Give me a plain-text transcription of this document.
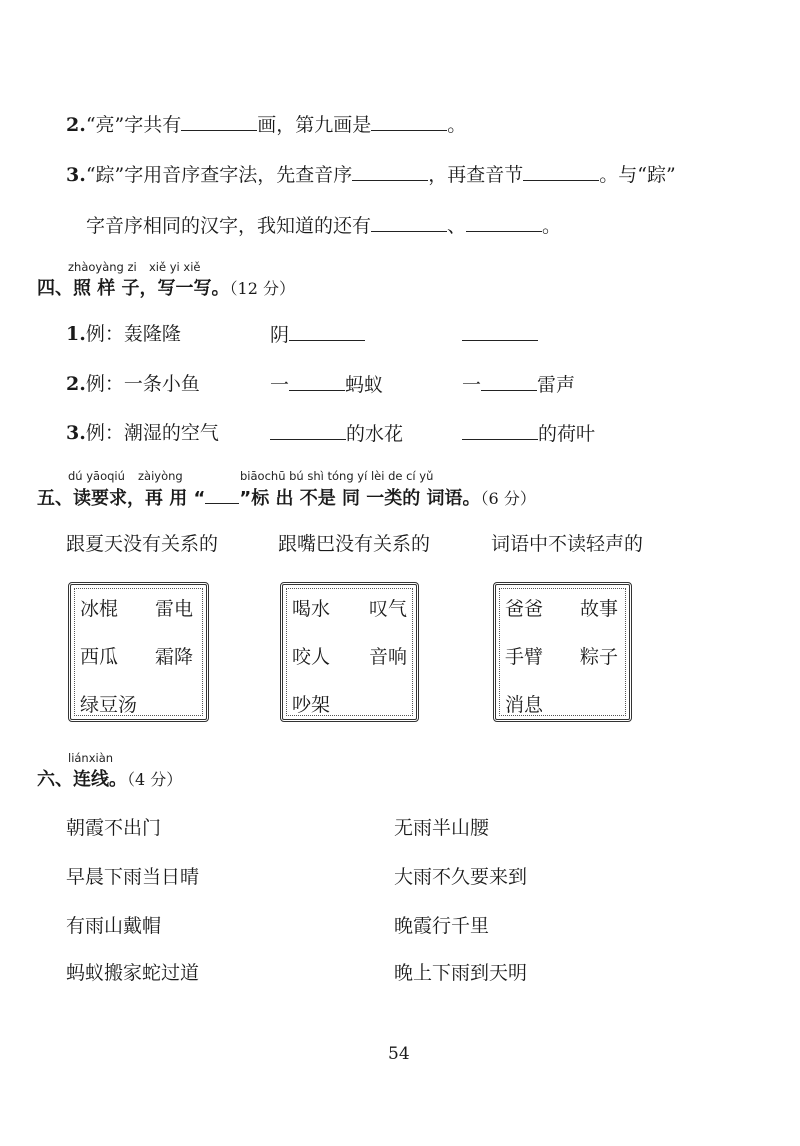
2.“亮”字共有	画，第九画是	。
3.“踪”字用音序查字法，先查音序	，再查音节	。与“踪”
字音序相同的汉字，我知道的还有	、	。
zhàoyàng zi xiě yi xiě
四、照 样 子，写一写。（12 分）
1.例：轰隆隆	阴
2.例：一条小鱼	一	蚂蚁	一	雷声
3.例：潮湿的空气	的水花	的荷叶
dú yāoqiú zàiyòng	biāochū bú shì tóng yí lèi de cí yǔ
五、读要求，再 用 “ ”标 出 不是 同 一类的 词语。（6 分）
跟夏天没有关系的	跟嘴巴没有关系的	词语中不读轻声的
冰棍 雷电
西瓜 霜降
绿豆汤
喝水 叹气
咬人 音响
吵架
爸爸 故事
手臂 粽子
消息
liánxiàn
六、连线。（4 分）
朝霞不出门
早晨下雨当日晴
有雨山戴帽
蚂蚁搬家蛇过道
无雨半山腰
大雨不久要来到
晚霞行千里
晚上下雨到天明
54
